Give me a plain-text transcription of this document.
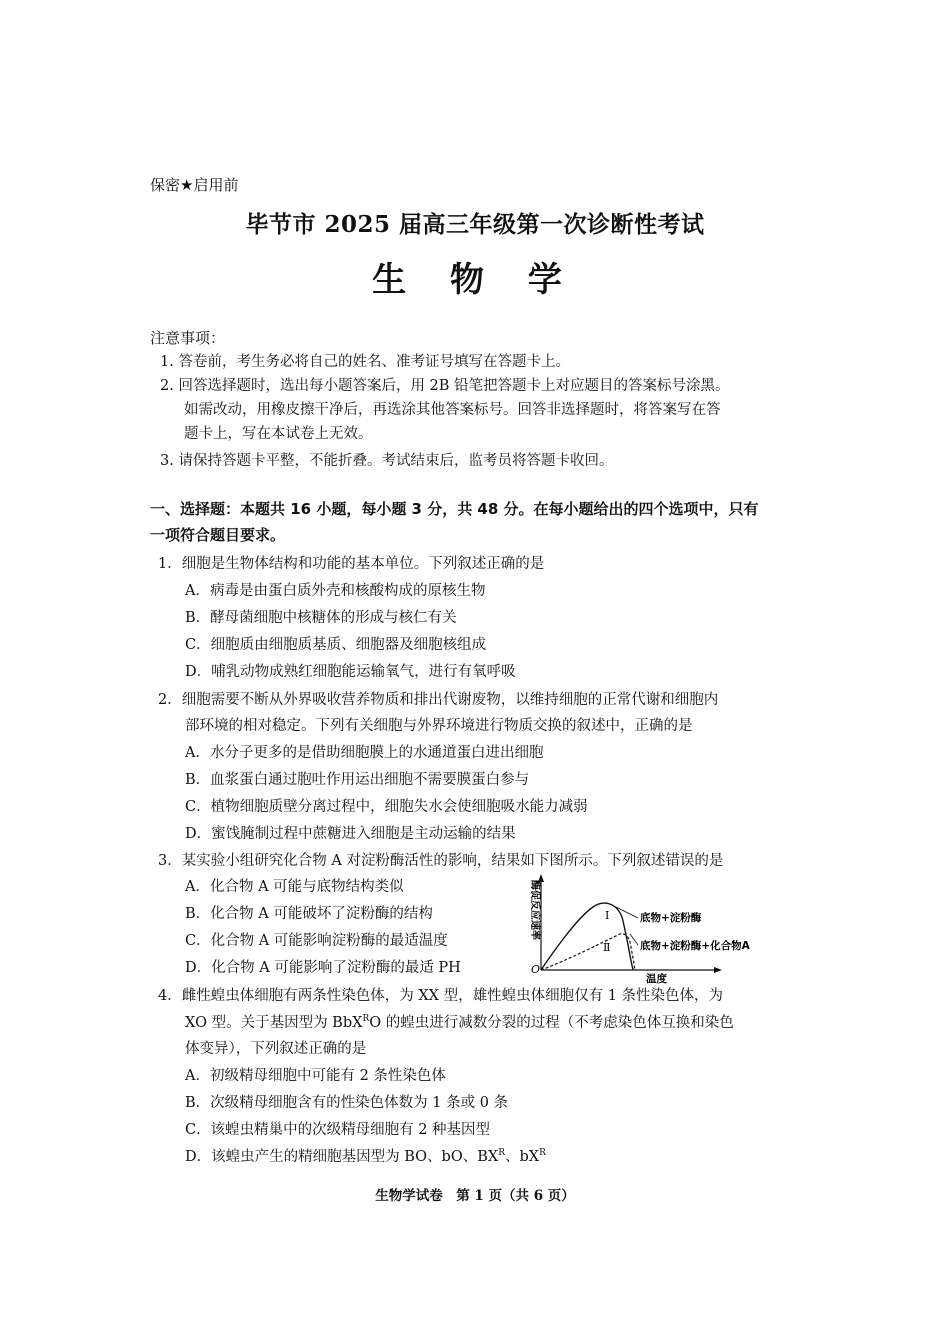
保密★启用前
毕节市 2025 届高三年级第一次诊断性考试
生 物 学
注意事项：
1. 答卷前，考生务必将自己的姓名、准考证号填写在答题卡上。
2. 回答选择题时，选出每小题答案后，用 2B 铅笔把答题卡上对应题目的答案标号涂黑。
如需改动，用橡皮擦干净后，再选涂其他答案标号。回答非选择题时，将答案写在答
题卡上，写在本试卷上无效。
3. 请保持答题卡平整，不能折叠。考试结束后，监考员将答题卡收回。
一、选择题：本题共 16 小题，每小题 3 分，共 48 分。在每小题给出的四个选项中，只有
一项符合题目要求。
1．细胞是生物体结构和功能的基本单位。下列叙述正确的是
A．病毒是由蛋白质外壳和核酸构成的原核生物
B．酵母菌细胞中核糖体的形成与核仁有关
C．细胞质由细胞质基质、细胞器及细胞核组成
D．哺乳动物成熟红细胞能运输氧气，进行有氧呼吸
2．细胞需要不断从外界吸收营养物质和排出代谢废物，以维持细胞的正常代谢和细胞内
部环境的相对稳定。下列有关细胞与外界环境进行物质交换的叙述中，正确的是
A．水分子更多的是借助细胞膜上的水通道蛋白进出细胞
B．血浆蛋白通过胞吐作用运出细胞不需要膜蛋白参与
C．植物细胞质壁分离过程中，细胞失水会使细胞吸水能力减弱
D．蜜饯腌制过程中蔗糖进入细胞是主动运输的结果
3．某实验小组研究化合物 A 对淀粉酶活性的影响，结果如下图所示。下列叙述错误的是
A．化合物 A 可能与底物结构类似
B．化合物 A 可能破坏了淀粉酶的结构
C．化合物 A 可能影响淀粉酶的最适温度
D．化合物 A 可能影响了淀粉酶的最适 PH
Ⅰ
Ⅱ
底物+淀粉酶
底物+淀粉酶+化合物A
O
温度
酶促反应速率
4．雌性蝗虫体细胞有两条性染色体，为 XX 型，雄性蝗虫体细胞仅有 1 条性染色体，为
XO 型。关于基因型为 BbX$^R$O 的蝗虫进行减数分裂的过程（不考虑染色体互换和染色
体变异），下列叙述正确的是
A．初级精母细胞中可能有 2 条性染色体
B．次级精母细胞含有的性染色体数为 1 条或 0 条
C．该蝗虫精巢中的次级精母细胞有 2 种基因型
D．该蝗虫产生的精细胞基因型为 BO、bO、$BX^R$、$bX^R$
生物学试卷　第 1 页（共 6 页）
